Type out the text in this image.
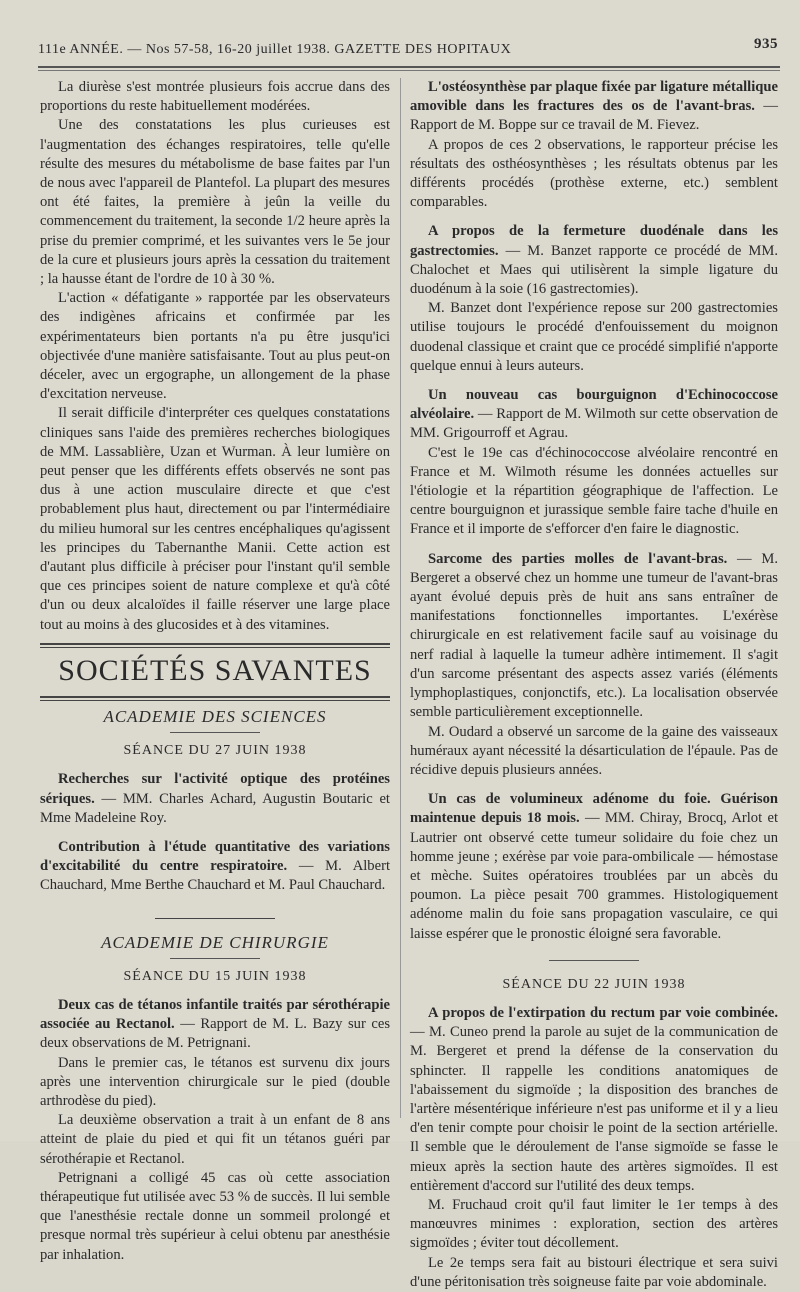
111e ANNÉE. — Nos 57-58, 16-20 juillet 1938. GAZETTE DES HOPITAUX	935

La diurèse s'est montrée plusieurs fois accrue dans des proportions du reste habituellement modérées.

Une des constatations les plus curieuses est l'augmentation des échanges respiratoires, telle qu'elle résulte des mesures du métabolisme de base faites par l'un de nous avec l'appareil de Plantefol. La plupart des mesures ont été faites, la première à jeûn la veille du commencement du traitement, la seconde 1/2 heure après la prise du premier comprimé, et les suivantes vers le 5e jour de la cure et plusieurs jours après la cessation du traitement ; la hausse étant de l'ordre de 10 à 30 %.

L'action « défatigante » rapportée par les observateurs des indigènes africains et confirmée par les expérimentateurs bien portants n'a pu être jusqu'ici objectivée d'une manière satisfaisante. Tout au plus peut-on déceler, avec un ergographe, un allongement de la phase d'excitation nerveuse.

Il serait difficile d'interpréter ces quelques constatations cliniques sans l'aide des premières recherches biologiques de MM. Lassablière, Uzan et Wurman. À leur lumière on peut penser que les différents effets observés ne sont pas dus à une action musculaire directe et que c'est probablement plus haut, directement ou par l'intermédiaire du milieu humoral sur les centres encéphaliques qu'agissent les principes du Tabernanthe Manii. Cette action est d'autant plus difficile à préciser pour l'instant qu'il semble que ces principes soient de nature complexe et qu'à côté d'un ou deux alcaloïdes il faille réserver une large place tout au moins à des glucosides et à des vitamines.

SOCIÉTÉS SAVANTES

ACADEMIE DES SCIENCES

SÉANCE DU 27 JUIN 1938

Recherches sur l'activité optique des protéines sériques. — MM. Charles Achard, Augustin Boutaric et Mme Madeleine Roy.

Contribution à l'étude quantitative des variations d'excitabilité du centre respiratoire. — M. Albert Chauchard, Mme Berthe Chauchard et M. Paul Chauchard.

ACADEMIE DE CHIRURGIE

SÉANCE DU 15 JUIN 1938

Deux cas de tétanos infantile traités par sérothérapie associée au Rectanol. — Rapport de M. L. Bazy sur ces deux observations de M. Petrignani.

Dans le premier cas, le tétanos est survenu dix jours après une intervention chirurgicale sur le pied (double arthrodèse du pied).

La deuxième observation a trait à un enfant de 8 ans atteint de plaie du pied et qui fit un tétanos guéri par sérothérapie et Rectanol.

Petrignani a colligé 45 cas où cette association thérapeutique fut utilisée avec 53 % de succès. Il lui semble que l'anesthésie rectale donne un sommeil prolongé et presque normal très supérieur à celui obtenu par anesthésie par inhalation.

L'ostéosynthèse par plaque fixée par ligature métallique amovible dans les fractures des os de l'avant-bras. — Rapport de M. Boppe sur ce travail de M. Fievez.

A propos de ces 2 observations, le rapporteur précise les résultats des osthéosynthèses ; les résultats obtenus par les différents procédés (prothèse externe, etc.) semblent comparables.

A propos de la fermeture duodénale dans les gastrectomies. — M. Banzet rapporte ce procédé de MM. Chalochet et Maes qui utilisèrent la simple ligature du duodénum à la soie (16 gastrectomies).

M. Banzet dont l'expérience repose sur 200 gastrectomies utilise toujours le procédé d'enfouissement du moignon duodenal classique et craint que ce procédé simplifié n'apporte quelque ennui à leurs auteurs.

Un nouveau cas bourguignon d'Echinococcose alvéolaire. — Rapport de M. Wilmoth sur cette observation de MM. Grigourroff et Agrau.

C'est le 19e cas d'échinococcose alvéolaire rencontré en France et M. Wilmoth résume les données actuelles sur l'étiologie et la répartition géographique de l'affection. Le centre bourguignon et jurassique semble faire tache d'huile en France et il importe de s'efforcer d'en faire le diagnostic.

Sarcome des parties molles de l'avant-bras. — M. Bergeret a observé chez un homme une tumeur de l'avant-bras ayant évolué depuis près de huit ans sans entraîner de manifestations fonctionnelles importantes. L'exérèse chirurgicale en est relativement facile sauf au voisinage du nerf radial à laquelle la tumeur adhère intimement. Il s'agit d'un sarcome présentant des aspects assez variés (éléments lymphoplastiques, conjonctifs, etc.). La localisation observée semble particulièrement exceptionnelle.

M. Oudard a observé un sarcome de la gaine des vaisseaux huméraux ayant nécessité la désarticulation de l'épaule. Pas de récidive depuis plusieurs années.

Un cas de volumineux adénome du foie. Guérison maintenue depuis 18 mois. — MM. Chiray, Brocq, Arlot et Lautrier ont observé cette tumeur solidaire du foie chez un homme jeune ; exérèse par voie para-ombilicale — hémostase et mèche. Suites opératoires troublées par un abcès du poumon. La pièce pesait 700 grammes. Histologiquement adénome malin du foie sans propagation vasculaire, ce qui laisse espérer que le pronostic éloigné sera favorable.

SÉANCE DU 22 JUIN 1938

A propos de l'extirpation du rectum par voie combinée. — M. Cuneo prend la parole au sujet de la communication de M. Bergeret et prend la défense de la conservation du sphincter. Il rappelle les conditions anatomiques de l'abaissement du sigmoïde ; la disposition des branches de l'artère mésentérique inférieure n'est pas uniforme et il y a lieu d'en tenir compte pour choisir le point de la section artérielle. Il semble que le déroulement de l'anse sigmoïde se fasse le mieux après la section haute des artères sigmoïdes. Il est entièrement d'accord sur l'utilité des deux temps.

M. Fruchaud croit qu'il faut limiter le 1er temps à des manœuvres minimes : exploration, section des artères sigmoïdes ; éviter tout décollement.

Le 2e temps sera fait au bistouri électrique et sera suivi d'une péritonisation très soigneuse faite par voie abdominale.
